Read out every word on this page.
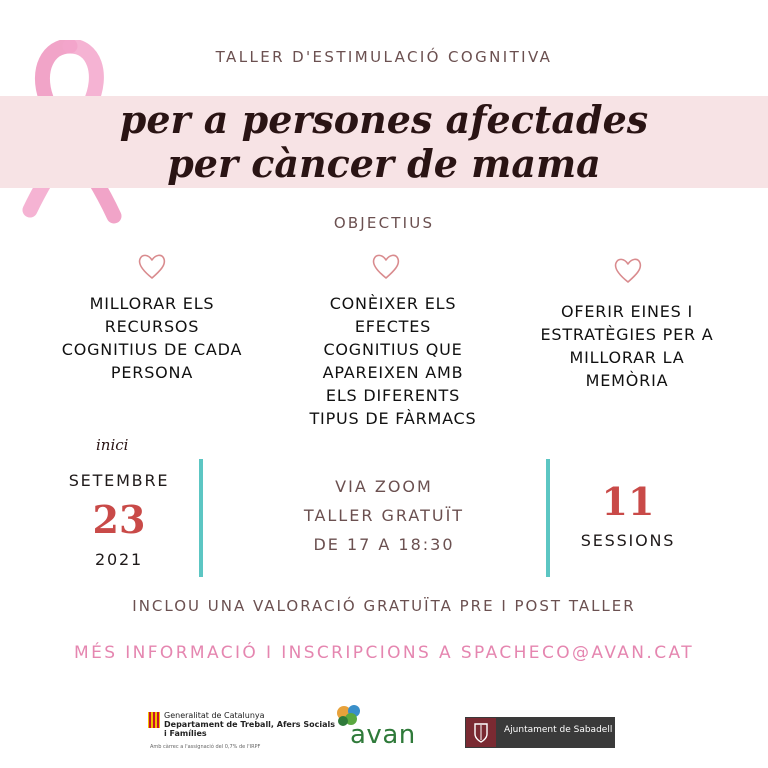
TALLER D'ESTIMULACIÓ COGNITIVA
per a persones afectades
per càncer de mama
OBJECTIUS
MILLORAR ELS
RECURSOS
COGNITIUS DE CADA
PERSONA
CONÈIXER ELS
EFECTES
COGNITIUS QUE
APAREIXEN AMB
ELS DIFERENTS
TIPUS DE FÀRMACS
OFERIR EINES I
ESTRATÈGIES PER A
MILLORAR LA
MEMÒRIA
inici
SETEMBRE
23
2021
VIA ZOOM
TALLER GRATUÏT
DE 17 A 18:30
11
SESSIONS
INCLOU UNA VALORACIÓ GRATUÏTA PRE I POST TALLER
MÉS INFORMACIÓ I INSCRIPCIONS A SPACHECO@AVAN.CAT
Generalitat de Catalunya
Departament de Treball, Afers Socials
i Famílies
Amb càrrec a l'assignació del 0,7% de l'IRPF	avan	Ajuntament de Sabadell
